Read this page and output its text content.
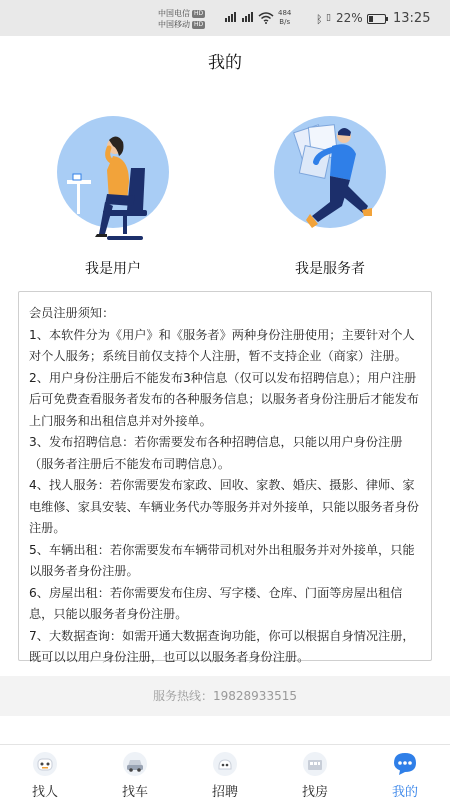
中国电信 HD
中国移动 HD
484
B/s ᛒ ▯ 22% 13:25
我的
我是用户	我是服务者

会员注册须知：

1、本软件分为《用户》和《服务者》两种身份注册使用；主要针对个人对个人服务；系统目前仅支持个人注册，暂不支持企业（商家）注册。

2、用户身份注册后不能发布3种信息（仅可以发布招聘信息）；用户注册后可免费查看服务者发布的各种服务信息；以服务者身份注册后才能发布上门服务和出租信息并对外接单。

3、发布招聘信息：若你需要发布各种招聘信息，只能以用户身份注册（服务者注册后不能发布司聘信息）。

4、找人服务：若你需要发布家政、回收、家教、婚庆、摄影、律师、家电维修、家具安装、车辆业务代办等服务并对外接单，只能以服务者身份注册。

5、车辆出租：若你需要发布车辆带司机对外出租服务并对外接单，只能以服务者身份注册。

6、房屋出租：若你需要发布住房、写字楼、仓库、门面等房屋出租信息，只能以服务者身份注册。

7、大数据查询：如需开通大数据查询功能，你可以根据自身情况注册，既可以以用户身份注册，也可以以服务者身份注册。

服务热线：19828933515
找人	找车	招聘	找房	我的
